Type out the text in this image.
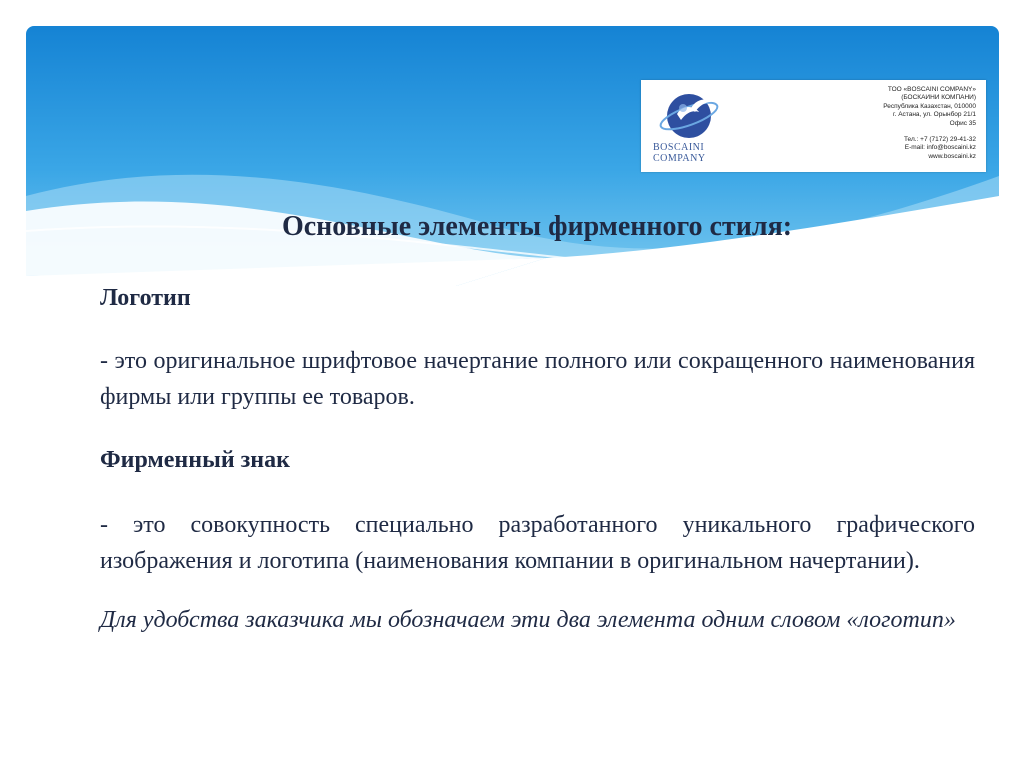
BOSCAINI
COMPANY
ТОО «BOSCAINI COMPANY»
(БОСКАИНИ КОМПАНИ)
Республика Казахстан, 010000
г. Астана, ул. Орынбор 21/1
Офис 35
Тел.: +7 (7172) 29-41-32
E-mail: info@boscaini.kz
www.boscaini.kz
Основные элементы фирменного стиля:

Логотип

- это оригинальное шрифтовое начертание полного или сокращенного наименования фирмы или группы ее товаров.

Фирменный знак

- это совокупность специально разработанного уникального графического изображения и логотипа (наименования компании в оригинальном начертании).

Для удобства заказчика мы обозначаем эти два элемента одним словом «логотип»
